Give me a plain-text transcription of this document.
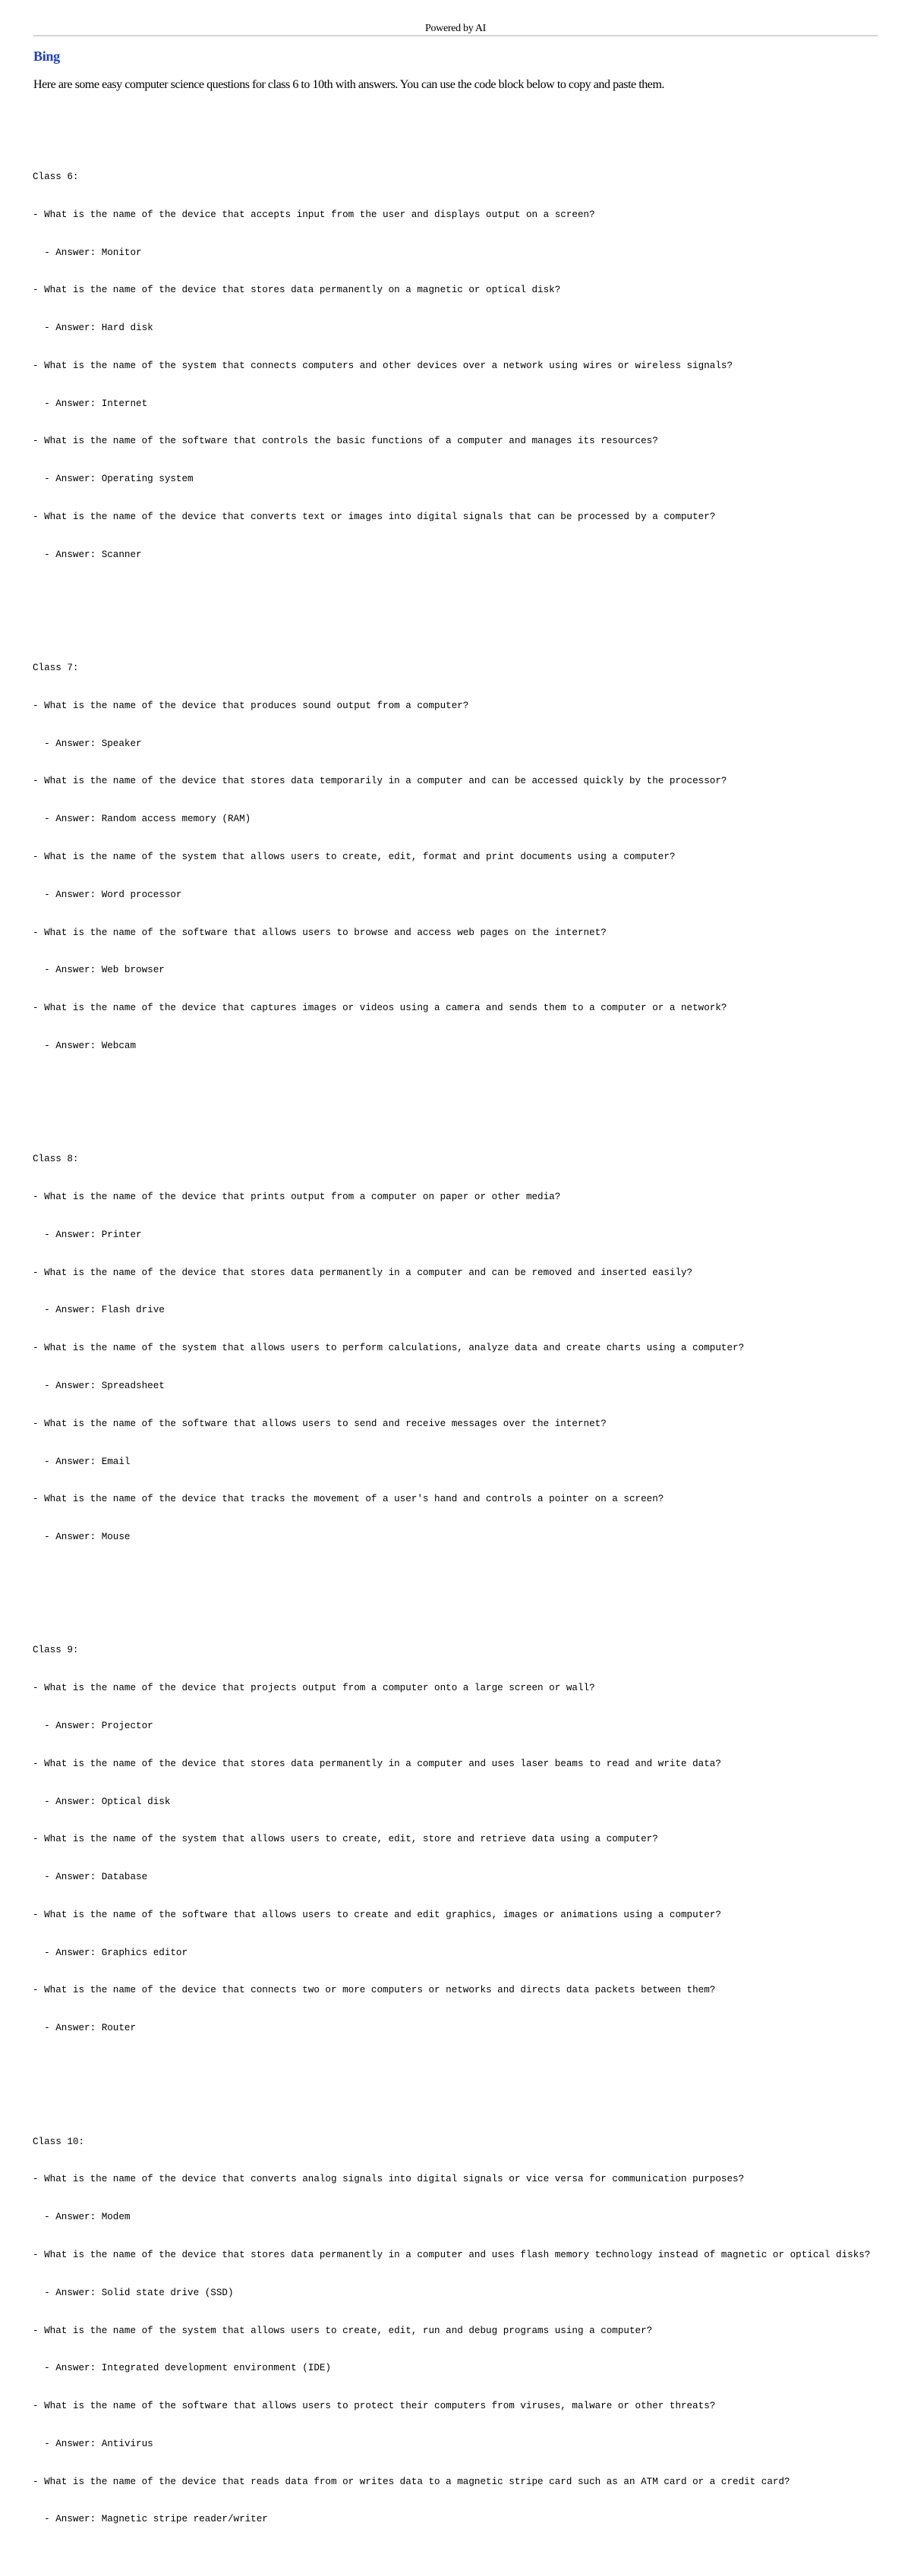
Powered by AI
Bing
Here are some easy computer science questions for class 6 to 10th with answers. You can use the code block below to copy and paste them.

Class 6:

- What is the name of the device that accepts input from the user and displays output on a screen?

- Answer: Monitor

- What is the name of the device that stores data permanently on a magnetic or optical disk?

- Answer: Hard disk

- What is the name of the system that connects computers and other devices over a network using wires or wireless signals?

- Answer: Internet

- What is the name of the software that controls the basic functions of a computer and manages its resources?

- Answer: Operating system

- What is the name of the device that converts text or images into digital signals that can be processed by a computer?

- Answer: Scanner

Class 7:

- What is the name of the device that produces sound output from a computer?

- Answer: Speaker

- What is the name of the device that stores data temporarily in a computer and can be accessed quickly by the processor?

- Answer: Random access memory (RAM)

- What is the name of the system that allows users to create, edit, format and print documents using a computer?

- Answer: Word processor

- What is the name of the software that allows users to browse and access web pages on the internet?

- Answer: Web browser

- What is the name of the device that captures images or videos using a camera and sends them to a computer or a network?

- Answer: Webcam

Class 8:

- What is the name of the device that prints output from a computer on paper or other media?

- Answer: Printer

- What is the name of the device that stores data permanently in a computer and can be removed and inserted easily?

- Answer: Flash drive

- What is the name of the system that allows users to perform calculations, analyze data and create charts using a computer?

- Answer: Spreadsheet

- What is the name of the software that allows users to send and receive messages over the internet?

- Answer: Email

- What is the name of the device that tracks the movement of a user's hand and controls a pointer on a screen?

- Answer: Mouse

Class 9:

- What is the name of the device that projects output from a computer onto a large screen or wall?

- Answer: Projector

- What is the name of the device that stores data permanently in a computer and uses laser beams to read and write data?

- Answer: Optical disk

- What is the name of the system that allows users to create, edit, store and retrieve data using a computer?

- Answer: Database

- What is the name of the software that allows users to create and edit graphics, images or animations using a computer?

- Answer: Graphics editor

- What is the name of the device that connects two or more computers or networks and directs data packets between them?

- Answer: Router

Class 10:

- What is the name of the device that converts analog signals into digital signals or vice versa for communication purposes?

- Answer: Modem

- What is the name of the device that stores data permanently in a computer and uses flash memory technology instead of magnetic or optical disks?

- Answer: Solid state drive (SSD)

- What is the name of the system that allows users to create, edit, run and debug programs using a computer?

- Answer: Integrated development environment (IDE)

- What is the name of the software that allows users to protect their computers from viruses, malware or other threats?

- Answer: Antivirus

- What is the name of the device that reads data from or writes data to a magnetic stripe card such as an ATM card or a credit card?

- Answer: Magnetic stripe reader/writer
